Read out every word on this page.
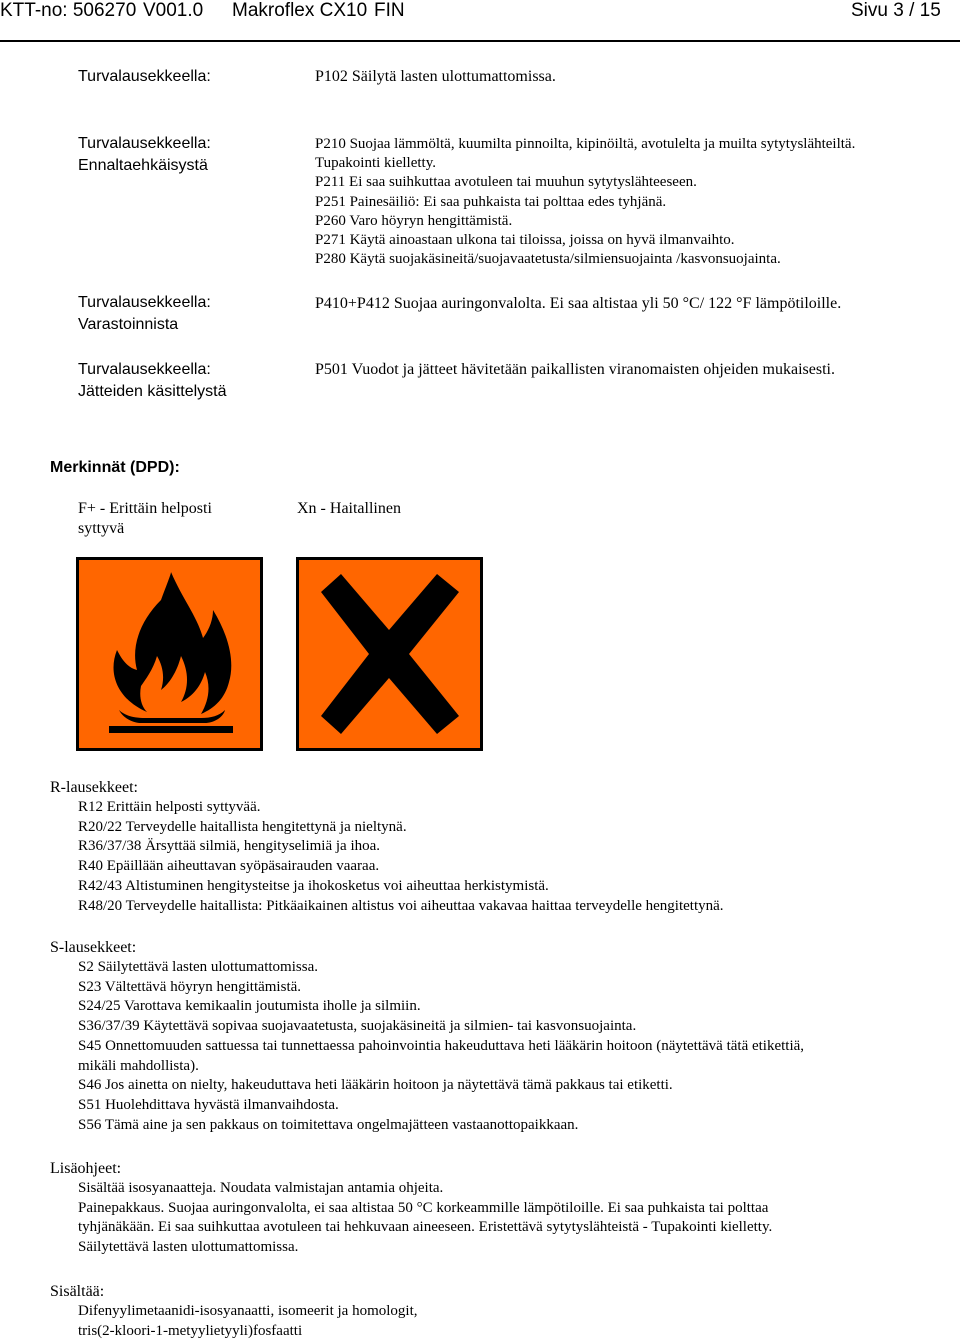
KTT-no: 506270 V001.0 Makroflex CX10 FIN	Sivu 3 / 15
Turvalausekkeella:	P102 Säilytä lasten ulottumattomissa.
Turvalausekkeella:
Ennaltaehkäisystä
P210 Suojaa lämmöltä, kuumilta pinnoilta, kipinöiltä, avotulelta ja muilta sytytyslähteiltä.
Tupakointi kielletty.
P211 Ei saa suihkuttaa avotuleen tai muuhun sytytyslähteeseen.
P251 Painesäiliö: Ei saa puhkaista tai polttaa edes tyhjänä.
P260 Varo höyryn hengittämistä.
P271 Käytä ainoastaan ulkona tai tiloissa, joissa on hyvä ilmanvaihto.
P280 Käytä suojakäsineitä/suojavaatetusta/silmiensuojainta /kasvonsuojainta.
Turvalausekkeella:
Varastoinnista
P410+P412 Suojaa auringonvalolta. Ei saa altistaa yli 50 °C/ 122 °F lämpötiloille.
Turvalausekkeella:
Jätteiden käsittelystä
P501 Vuodot ja jätteet hävitetään paikallisten viranomaisten ohjeiden mukaisesti.
Merkinnät (DPD):
F+ - Erittäin helposti
syttyvä
Xn - Haitallinen
R-lausekkeet:
R12 Erittäin helposti syttyvää.
R20/22 Terveydelle haitallista hengitettynä ja nieltynä.
R36/37/38 Ärsyttää silmiä, hengityselimiä ja ihoa.
R40 Epäillään aiheuttavan syöpäsairauden vaaraa.
R42/43 Altistuminen hengitysteitse ja ihokosketus voi aiheuttaa herkistymistä.
R48/20 Terveydelle haitallista: Pitkäaikainen altistus voi aiheuttaa vakavaa haittaa terveydelle hengitettynä.
S-lausekkeet:
S2 Säilytettävä lasten ulottumattomissa.
S23 Vältettävä höyryn hengittämistä.
S24/25 Varottava kemikaalin joutumista iholle ja silmiin.
S36/37/39 Käytettävä sopivaa suojavaatetusta, suojakäsineitä ja silmien- tai kasvonsuojainta.
S45 Onnettomuuden sattuessa tai tunnettaessa pahoinvointia hakeuduttava heti lääkärin hoitoon (näytettävä tätä etikettiä,
mikäli mahdollista).
S46 Jos ainetta on nielty, hakeuduttava heti lääkärin hoitoon ja näytettävä tämä pakkaus tai etiketti.
S51 Huolehdittava hyvästä ilmanvaihdosta.
S56 Tämä aine ja sen pakkaus on toimitettava ongelmajätteen vastaanottopaikkaan.
Lisäohjeet:
Sisältää isosyanaatteja. Noudata valmistajan antamia ohjeita.
Painepakkaus. Suojaa auringonvalolta, ei saa altistaa 50 °C korkeammille lämpötiloille. Ei saa puhkaista tai polttaa
tyhjänäkään. Ei saa suihkuttaa avotuleen tai hehkuvaan aineeseen. Eristettävä sytytyslähteistä - Tupakointi kielletty.
Säilytettävä lasten ulottumattomissa.
Sisältää:
Difenyylimetaanidi-isosyanaatti, isomeerit ja homologit,
tris(2-kloori-1-metyylietyyli)fosfaatti
